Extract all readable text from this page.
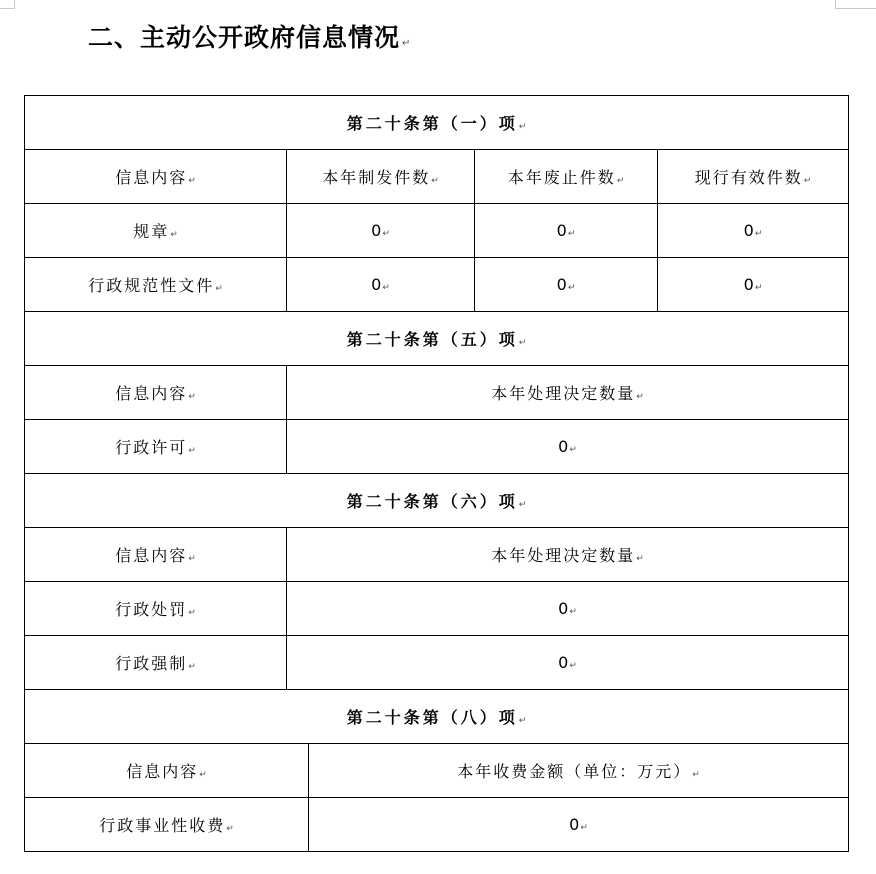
二、主动公开政府信息情况 ↵
第二十条第（一）项↵				
信息内容↵	本年制发件数↵		本年废止件数↵	现行有效件数↵
规章↵	0↵		0↵	0↵
行政规范性文件↵	0↵		0↵	0↵
第二十条第（五）项↵				
信息内容↵	本年处理决定数量↵			
行政许可↵	0↵			
第二十条第（六）项↵				
信息内容↵	本年处理决定数量↵			
行政处罚↵	0↵			
行政强制↵	0↵			
第二十条第（八）项↵				
信息内容↵		本年收费金额（单位：万元）↵		
行政事业性收费↵		0↵		
